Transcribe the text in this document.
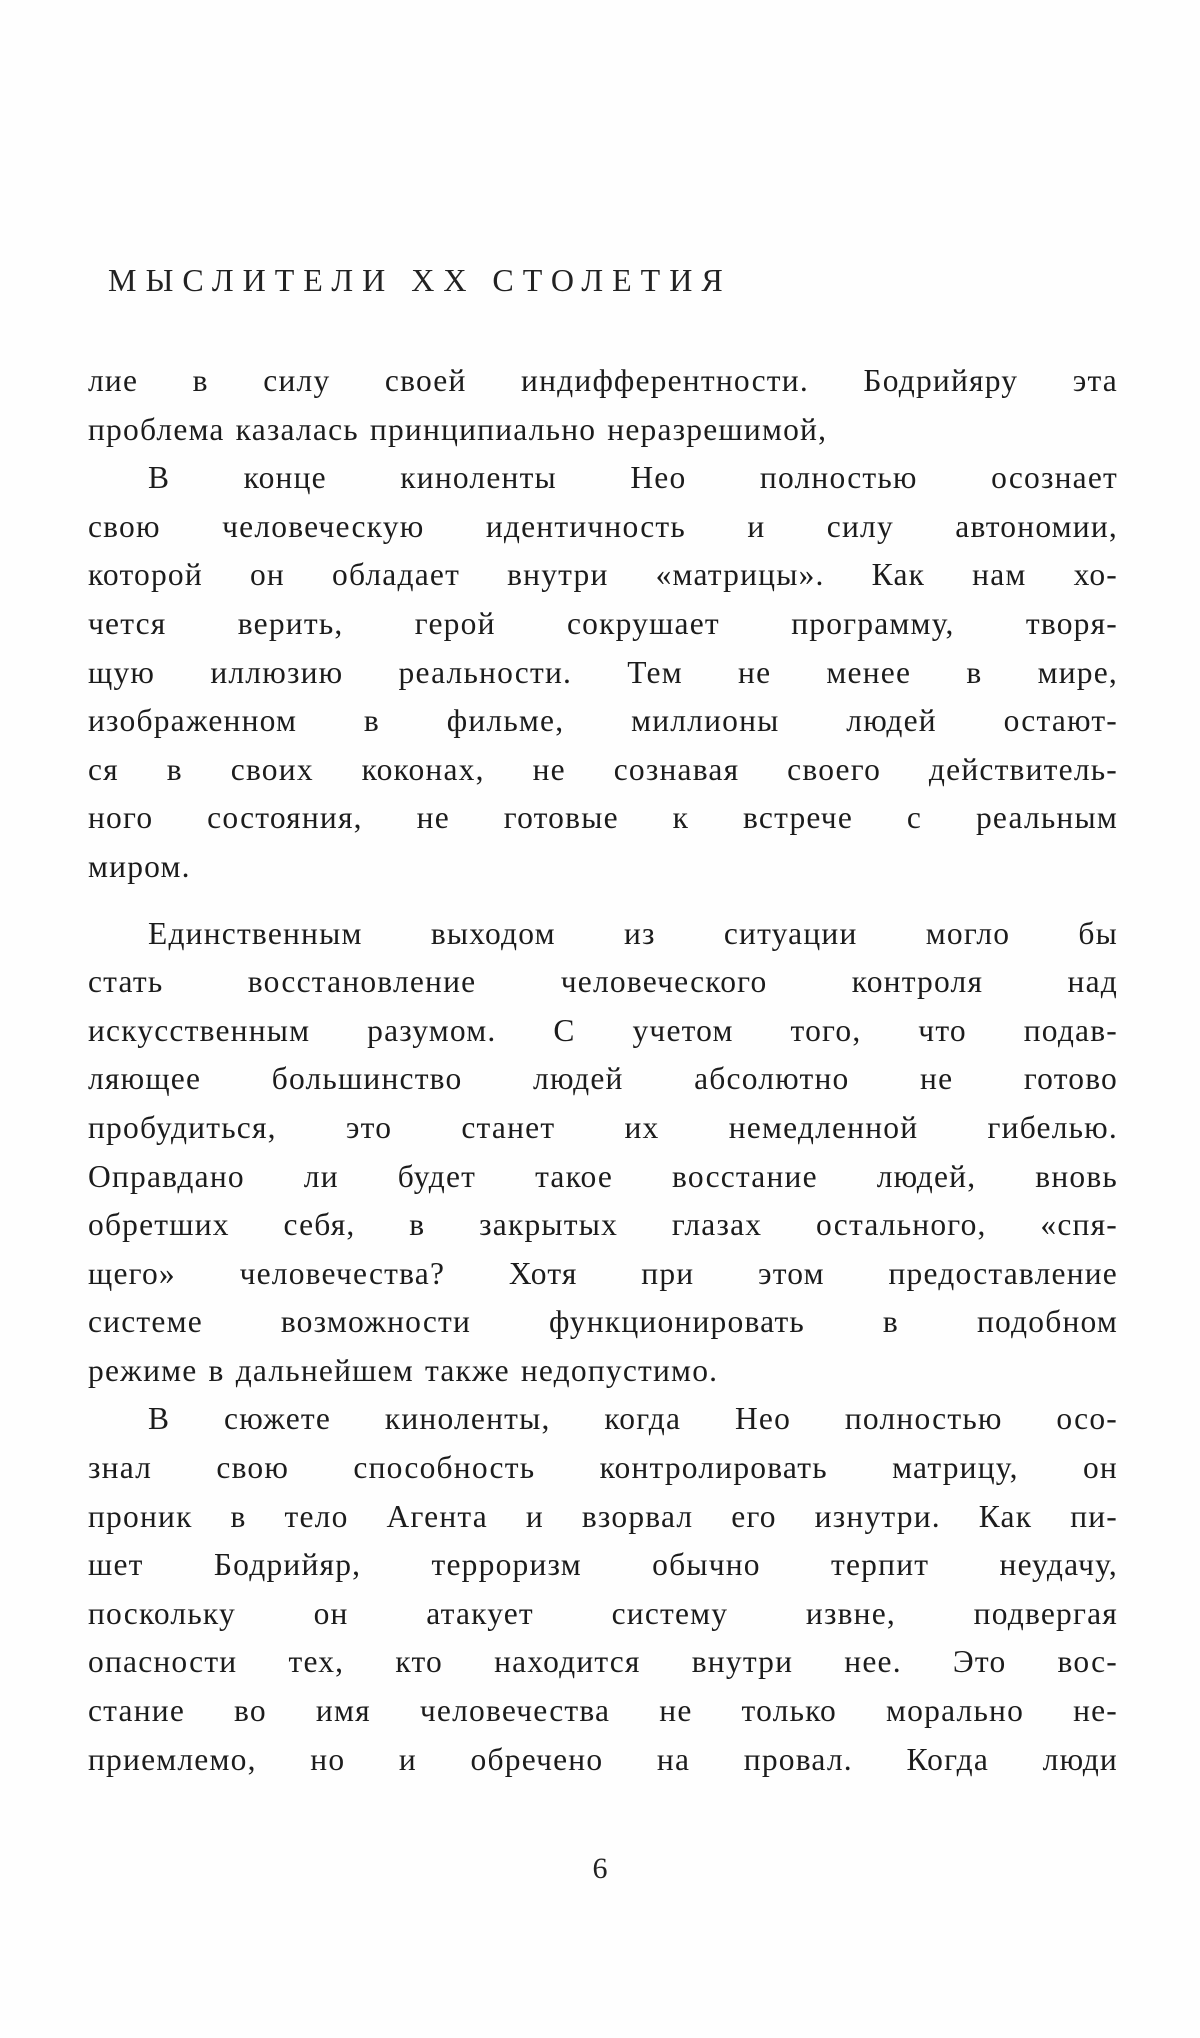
МЫСЛИТЕЛИ XX СТОЛЕТИЯ
лие в силу своей индифферентности. Бодрийяру эта
проблема казалась принципиально неразрешимой,
В конце киноленты Нео полностью осознает
свою человеческую идентичность и силу автономии,
которой он обладает внутри «матрицы». Как нам хо-
чется верить, герой сокрушает программу, творя-
щую иллюзию реальности. Тем не менее в мире,
изображенном в фильме, миллионы людей остают-
ся в своих коконах, не сознавая своего действитель-
ного состояния, не готовые к встрече с реальным
миром.
Единственным выходом из ситуации могло бы
стать восстановление человеческого контроля над
искусственным разумом. С учетом того, что подав-
ляющее большинство людей абсолютно не готово
пробудиться, это станет их немедленной гибелью.
Оправдано ли будет такое восстание людей, вновь
обретших себя, в закрытых глазах остального, «спя-
щего» человечества? Хотя при этом предоставление
системе возможности функционировать в подобном
режиме в дальнейшем также недопустимо.
В сюжете киноленты, когда Нео полностью осо-
знал свою способность контролировать матрицу, он
проник в тело Агента и взорвал его изнутри. Как пи-
шет Бодрийяр, терроризм обычно терпит неудачу,
поскольку он атакует систему извне, подвергая
опасности тех, кто находится внутри нее. Это вос-
стание во имя человечества не только морально не-
приемлемо, но и обречено на провал. Когда люди
6
